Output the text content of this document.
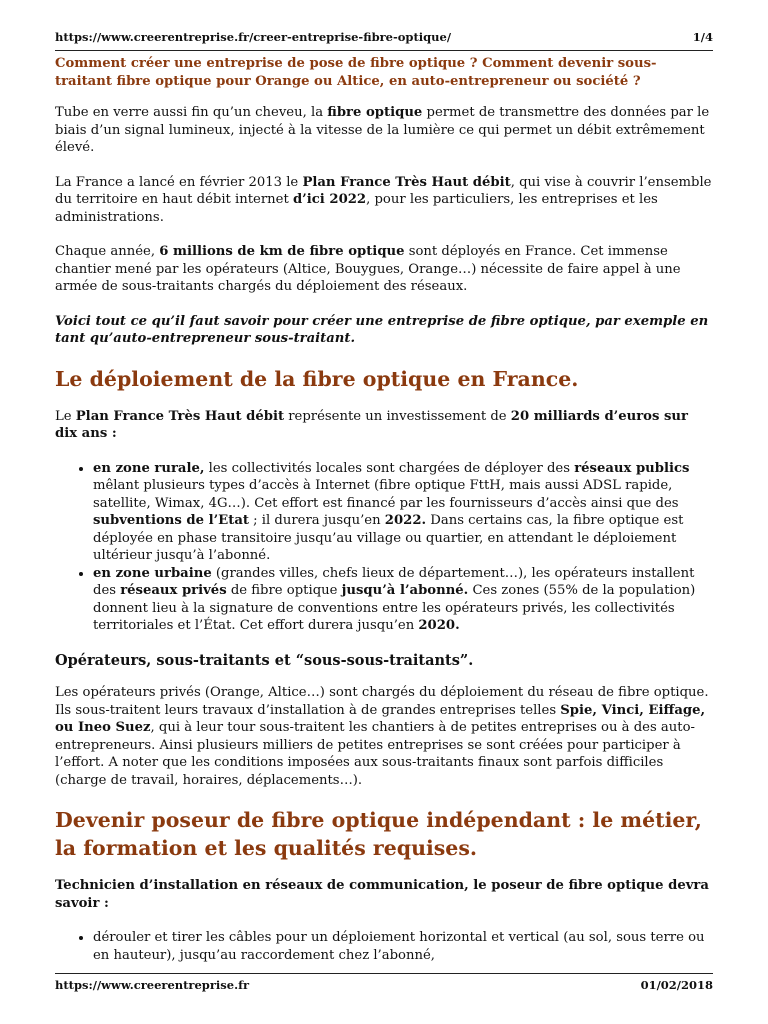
https://www.creerentreprise.fr/creer-entreprise-fibre-optique/	1/4

Comment créer une entreprise de pose de fibre optique ? Comment devenir sous-traitant fibre optique pour Orange ou Altice, en auto-entrepreneur ou société ?

Tube en verre aussi fin qu’un cheveu, la fibre optique permet de transmettre des données par le biais d’un signal lumineux, injecté à la vitesse de la lumière ce qui permet un débit extrêmement élevé.

La France a lancé en février 2013 le Plan France Très Haut débit, qui vise à couvrir l’ensemble du territoire en haut débit internet d’ici 2022, pour les particuliers, les entreprises et les administrations.

Chaque année, 6 millions de km de fibre optique sont déployés en France. Cet immense chantier mené par les opérateurs (Altice, Bouygues, Orange…) nécessite de faire appel à une armée de sous-traitants chargés du déploiement des réseaux.

Voici tout ce qu’il faut savoir pour créer une entreprise de fibre optique, par exemple en tant qu’auto-entrepreneur sous-traitant.

Le déploiement de la fibre optique en France.

Le Plan France Très Haut débit représente un investissement de 20 milliards d’euros sur dix ans :

• en zone rurale, les collectivités locales sont chargées de déployer des réseaux publics mêlant plusieurs types d’accès à Internet (fibre optique FttH, mais aussi ADSL rapide, satellite, Wimax, 4G…). Cet effort est financé par les fournisseurs d’accès ainsi que des subventions de l’Etat ; il durera jusqu’en 2022. Dans certains cas, la fibre optique est déployée en phase transitoire jusqu’au village ou quartier, en attendant le déploiement ultérieur jusqu’à l’abonné.
• en zone urbaine (grandes villes, chefs lieux de département…), les opérateurs installent des réseaux privés de fibre optique jusqu’à l’abonné. Ces zones (55% de la population) donnent lieu à la signature de conventions entre les opérateurs privés, les collectivités territoriales et l’État. Cet effort durera jusqu’en 2020.
Opérateurs, sous-traitants et “sous-sous-traitants”.

Les opérateurs privés (Orange, Altice…) sont chargés du déploiement du réseau de fibre optique. Ils sous-traitent leurs travaux d’installation à de grandes entreprises telles Spie, Vinci, Eiffage, ou Ineo Suez, qui à leur tour sous-traitent les chantiers à de petites entreprises ou à des auto-entrepreneurs. Ainsi plusieurs milliers de petites entreprises se sont créées pour participer à l’effort. A noter que les conditions imposées aux sous-traitants finaux sont parfois difficiles (charge de travail, horaires, déplacements…).

Devenir poseur de fibre optique indépendant : le métier, la formation et les qualités requises.

Technicien d’installation en réseaux de communication, le poseur de fibre optique devra savoir :

• dérouler et tirer les câbles pour un déploiement horizontal et vertical (au sol, sous terre ou en hauteur), jusqu’au raccordement chez l’abonné,
https://www.creerentreprise.fr	01/02/2018
